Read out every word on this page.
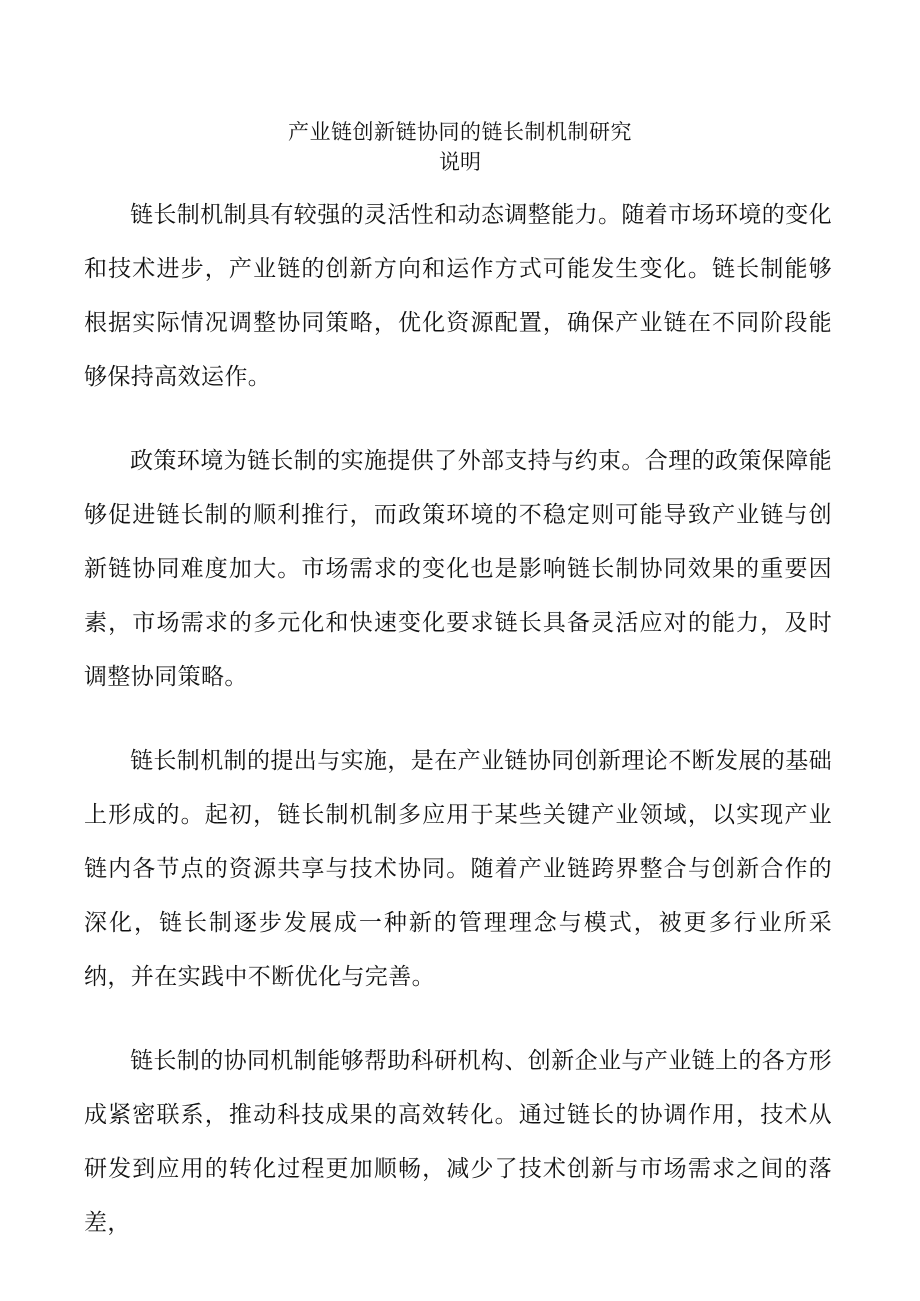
产业链创新链协同的链长制机制研究
说明

链长制机制具有较强的灵活性和动态调整能力。随着市场环境的变化和技术进步，产业链的创新方向和运作方式可能发生变化。链长制能够根据实际情况调整协同策略，优化资源配置，确保产业链在不同阶段能够保持高效运作。

政策环境为链长制的实施提供了外部支持与约束。合理的政策保障能够促进链长制的顺利推行，而政策环境的不稳定则可能导致产业链与创新链协同难度加大。市场需求的变化也是影响链长制协同效果的重要因素，市场需求的多元化和快速变化要求链长具备灵活应对的能力，及时调整协同策略。

链长制机制的提出与实施，是在产业链协同创新理论不断发展的基础上形成的。起初，链长制机制多应用于某些关键产业领域，以实现产业链内各节点的资源共享与技术协同。随着产业链跨界整合与创新合作的深化，链长制逐步发展成一种新的管理理念与模式，被更多行业所采纳，并在实践中不断优化与完善。

链长制的协同机制能够帮助科研机构、创新企业与产业链上的各方形成紧密联系，推动科技成果的高效转化。通过链长的协调作用，技术从研发到应用的转化过程更加顺畅，减少了技术创新与市场需求之间的落差，
